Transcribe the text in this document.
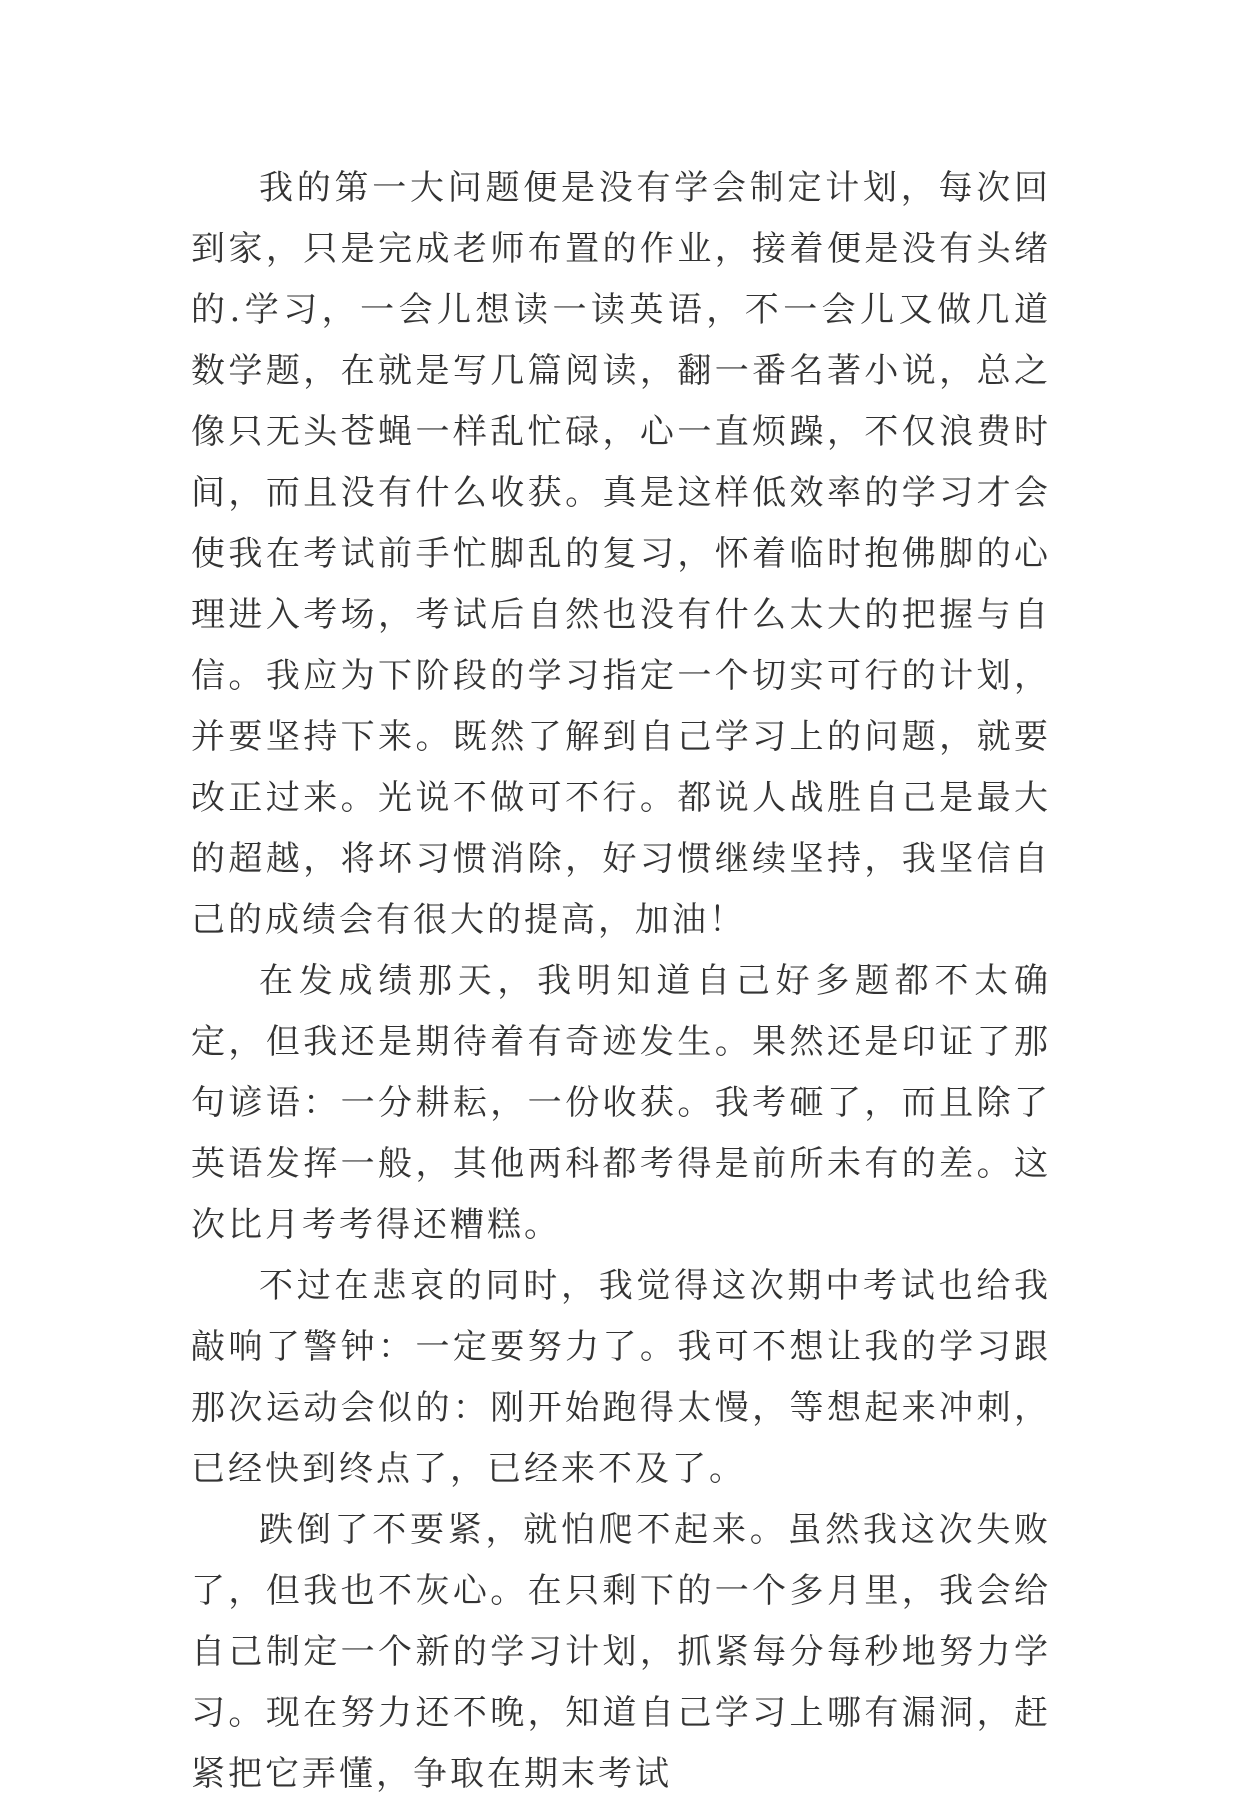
我的第一大问题便是没有学会制定计划，每次回到家，只是完成老师布置的作业，接着便是没有头绪的.学习，一会儿想读一读英语，不一会儿又做几道数学题，在就是写几篇阅读，翻一番名著小说，总之像只无头苍蝇一样乱忙碌，心一直烦躁，不仅浪费时间，而且没有什么收获。真是这样低效率的学习才会使我在考试前手忙脚乱的复习，怀着临时抱佛脚的心理进入考场，考试后自然也没有什么太大的把握与自信。我应为下阶段的学习指定一个切实可行的计划，并要坚持下来。既然了解到自己学习上的问题，就要改正过来。光说不做可不行。都说人战胜自己是最大的超越，将坏习惯消除，好习惯继续坚持，我坚信自己的成绩会有很大的提高，加油！

在发成绩那天，我明知道自己好多题都不太确定，但我还是期待着有奇迹发生。果然还是印证了那句谚语：一分耕耘，一份收获。我考砸了，而且除了英语发挥一般，其他两科都考得是前所未有的差。这次比月考考得还糟糕。

不过在悲哀的同时，我觉得这次期中考试也给我敲响了警钟：一定要努力了。我可不想让我的学习跟那次运动会似的：刚开始跑得太慢，等想起来冲刺，已经快到终点了，已经来不及了。

跌倒了不要紧，就怕爬不起来。虽然我这次失败了，但我也不灰心。在只剩下的一个多月里，我会给自己制定一个新的学习计划，抓紧每分每秒地努力学习。现在努力还不晚，知道自己学习上哪有漏洞，赶紧把它弄懂，争取在期末考试
